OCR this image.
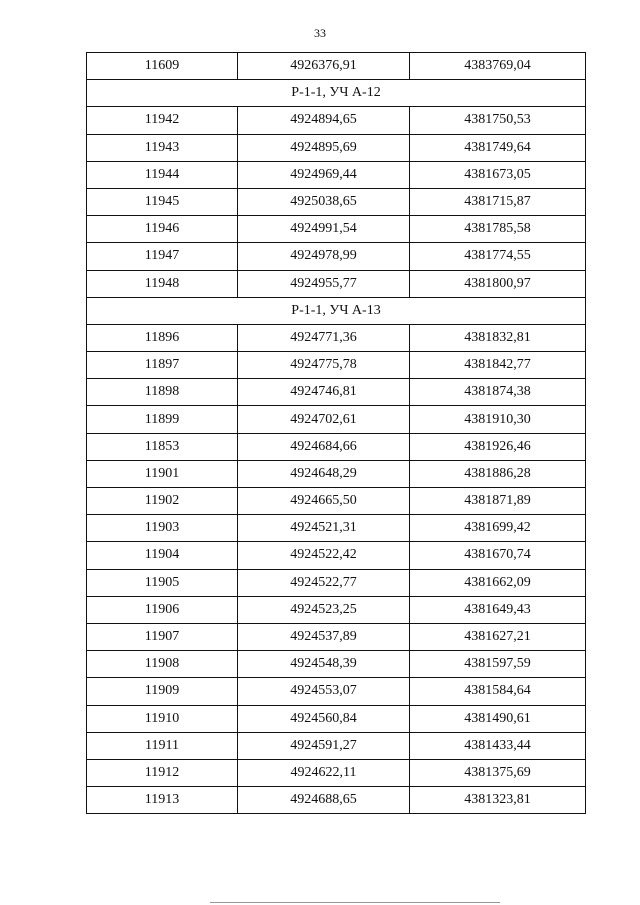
33
11609	4926376,91	4383769,04
Р-1-1, УЧ А-12		
11942	4924894,65	4381750,53
11943	4924895,69	4381749,64
11944	4924969,44	4381673,05
11945	4925038,65	4381715,87
11946	4924991,54	4381785,58
11947	4924978,99	4381774,55
11948	4924955,77	4381800,97
Р-1-1, УЧ А-13		
11896	4924771,36	4381832,81
11897	4924775,78	4381842,77
11898	4924746,81	4381874,38
11899	4924702,61	4381910,30
11853	4924684,66	4381926,46
11901	4924648,29	4381886,28
11902	4924665,50	4381871,89
11903	4924521,31	4381699,42
11904	4924522,42	4381670,74
11905	4924522,77	4381662,09
11906	4924523,25	4381649,43
11907	4924537,89	4381627,21
11908	4924548,39	4381597,59
11909	4924553,07	4381584,64
11910	4924560,84	4381490,61
11911	4924591,27	4381433,44
11912	4924622,11	4381375,69
11913	4924688,65	4381323,81
